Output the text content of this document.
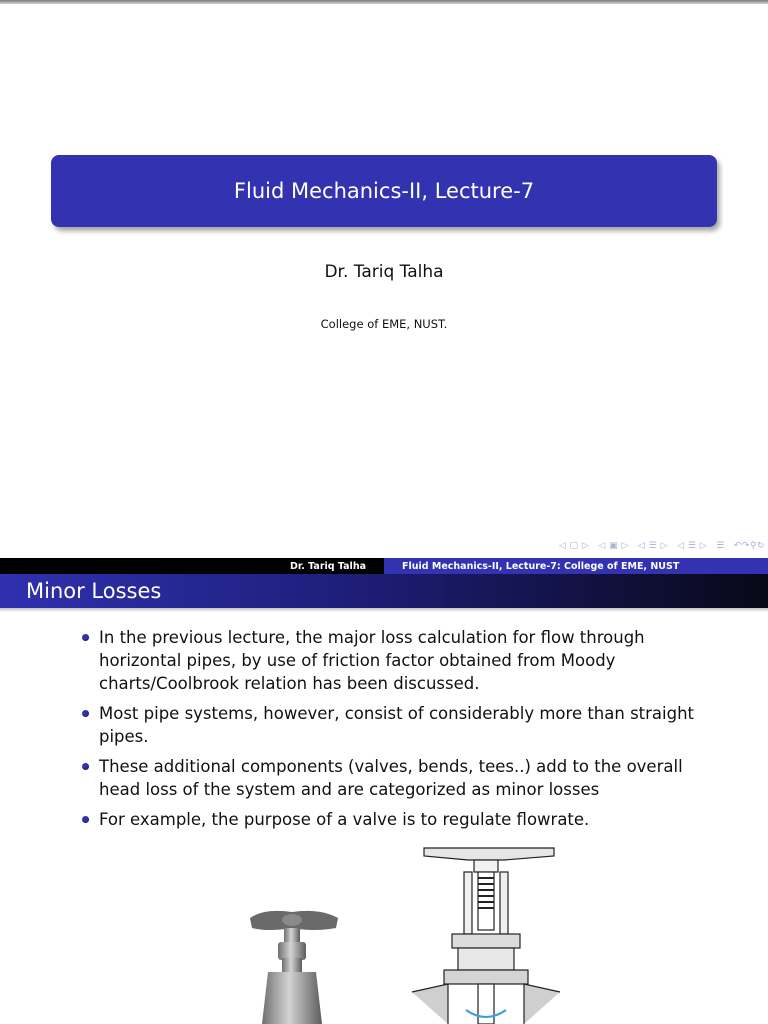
Fluid Mechanics-II, Lecture-7
Dr. Tariq Talha
College of EME, NUST.
◁ ▢ ▷ ◁ ▣ ▷ ◁ ☰ ▷ ◁ ☰ ▷ ☰ ↶↷⚲↻
Dr. Tariq Talha	Fluid Mechanics-II, Lecture-7: College of EME, NUST
Minor Losses
In the previous lecture, the major loss calculation for flow through horizontal pipes, by use of friction factor obtained from Moody charts/Coolbrook relation has been discussed.
Most pipe systems, however, consist of considerably more than straight pipes.
These additional components (valves, bends, tees..) add to the overall head loss of the system and are categorized as minor losses
For example, the purpose of a valve is to regulate flowrate.
